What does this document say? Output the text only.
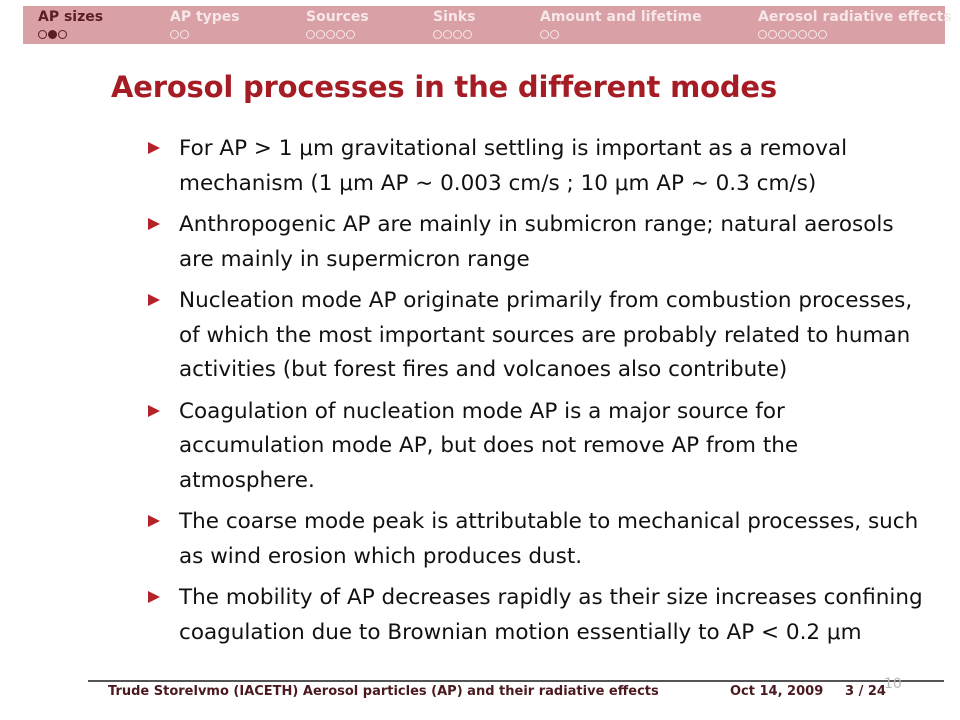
AP sizes	AP types	Sources	Sinks	Amount and lifetime	Aerosol radiative effects
Aerosol processes in the different modes
For AP > 1 μm gravitational settling is important as a removal
mechanism (1 μm AP ∼ 0.003 cm/s ; 10 μm AP ∼ 0.3 cm/s)
Anthropogenic AP are mainly in submicron range; natural aerosols
are mainly in supermicron range
Nucleation mode AP originate primarily from combustion processes,
of which the most important sources are probably related to human
activities (but forest fires and volcanoes also contribute)
Coagulation of nucleation mode AP is a major source for
accumulation mode AP, but does not remove AP from the
atmosphere.
The coarse mode peak is attributable to mechanical processes, such
as wind erosion which produces dust.
The mobility of AP decreases rapidly as their size increases confining
coagulation due to Brownian motion essentially to AP < 0.2 μm
Trude Storelvmo (IACETH) Aerosol particles (AP) and their radiative effects	Oct 14, 2009 3 / 24
10
